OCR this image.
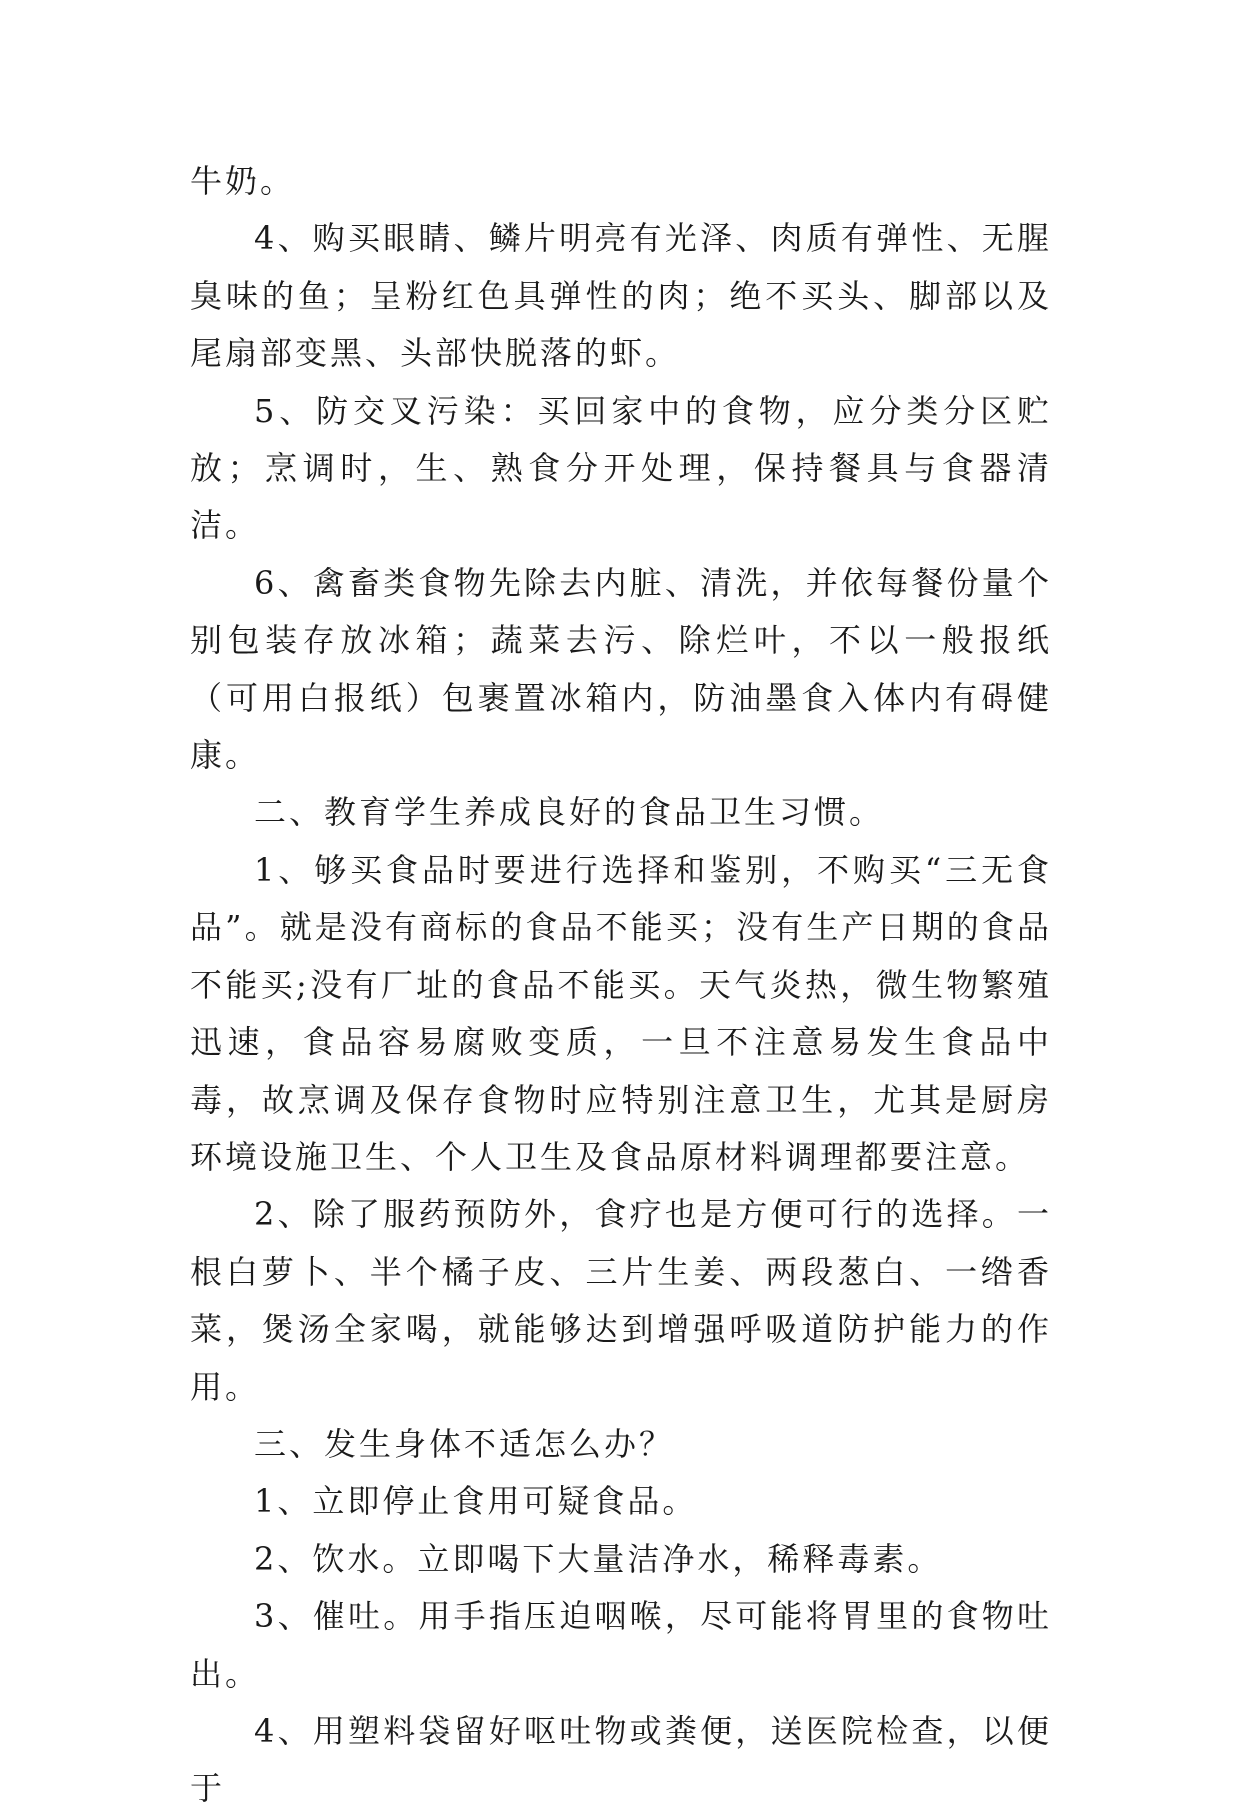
牛奶。

4、购买眼睛、鳞片明亮有光泽、肉质有弹性、无腥臭味的鱼；呈粉红色具弹性的肉；绝不买头、脚部以及尾扇部变黑、头部快脱落的虾。

5、防交叉污染：买回家中的食物，应分类分区贮放；烹调时，生、熟食分开处理，保持餐具与食器清洁。

6、禽畜类食物先除去内脏、清洗，并依每餐份量个别包装存放冰箱；蔬菜去污、除烂叶，不以一般报纸（可用白报纸）包裹置冰箱内，防油墨食入体内有碍健康。

二、教育学生养成良好的食品卫生习惯。

1、够买食品时要进行选择和鉴别，不购买“三无食品”。就是没有商标的食品不能买；没有生产日期的食品不能买;没有厂址的食品不能买。天气炎热，微生物繁殖迅速，食品容易腐败变质，一旦不注意易发生食品中毒，故烹调及保存食物时应特别注意卫生，尤其是厨房环境设施卫生、个人卫生及食品原材料调理都要注意。

2、除了服药预防外，食疗也是方便可行的选择。一根白萝卜、半个橘子皮、三片生姜、两段葱白、一绺香菜，煲汤全家喝，就能够达到增强呼吸道防护能力的作用。

三、发生身体不适怎么办？

1、立即停止食用可疑食品。

2、饮水。立即喝下大量洁净水，稀释毒素。

3、催吐。用手指压迫咽喉，尽可能将胃里的食物吐出。

4、用塑料袋留好呕吐物或粪便，送医院检查，以便于
